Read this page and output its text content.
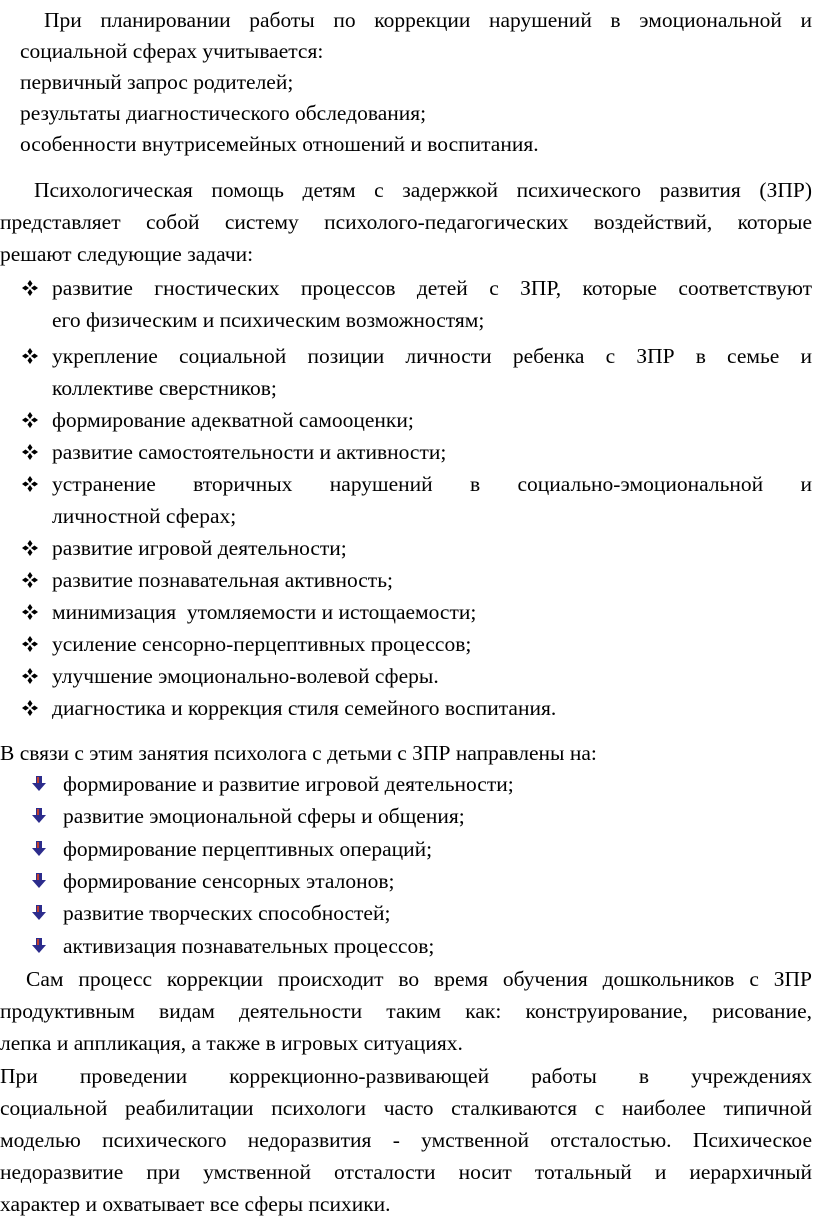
При планировании работы по коррекции нарушений в эмоциональной и
социальной сферах учитывается:
первичный запрос родителей;
результаты диагностического обследования;
особенности внутрисемейных отношений и воспитания.
Психологическая помощь детям с задержкой психического развития (ЗПР)
представляет собой систему психолого-педагогических воздействий, которые
решают следующие задачи:
развитие гностических процессов детей с ЗПР, которые соответствуют
его физическим и психическим возможностям;
укрепление социальной позиции личности ребенка с ЗПР в семье и
коллективе сверстников;
формирование адекватной самооценки;
развитие самостоятельности и активности;
устранение вторичных нарушений в социально-эмоциональной и
личностной сферах;
развитие игровой деятельности;
развитие познавательная активность;
минимизация  утомляемости и истощаемости;
усиление сенсорно-перцептивных процессов;
улучшение эмоционально-волевой сферы.
диагностика и коррекция стиля семейного воспитания.
В связи с этим занятия психолога с детьми с ЗПР направлены на:
формирование и развитие игровой деятельности;
развитие эмоциональной сферы и общения;
формирование перцептивных операций;
формирование сенсорных эталонов;
развитие творческих способностей;
активизация познавательных процессов;
Сам процесс коррекции происходит во время обучения дошкольников с ЗПР
продуктивным видам деятельности таким как: конструирование, рисование,
лепка и аппликация, а также в игровых ситуациях.
При проведении коррекционно-развивающей работы в учреждениях
социальной реабилитации психологи часто сталкиваются с наиболее типичной
моделью психического недоразвития - умственной отсталостью. Психическое
недоразвитие при умственной отсталости носит тотальный и иерархичный
характер и охватывает все сферы психики.
